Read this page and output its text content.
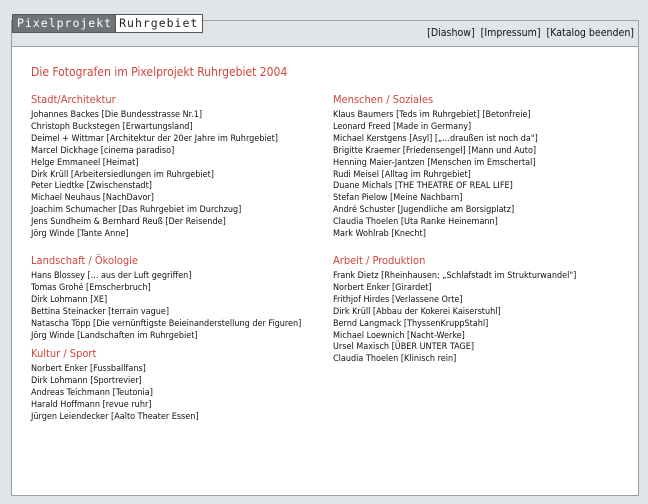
Pixelprojekt Ruhrgebiet
[Diashow] [Impressum] [Katalog beenden]
Die Fotografen im Pixelprojekt Ruhrgebiet 2004
Stadt/Architektur
Johannes Backes [Die Bundesstrasse Nr.1]
Christoph Buckstegen [Erwartungsland]
Deimel + Wittmar [Architektur der 20er Jahre im Ruhrgebiet]
Marcel Dickhage [cinema paradiso]
Helge Emmaneel [Heimat]
Dirk Krüll [Arbeitersiedlungen im Ruhrgebiet]
Peter Liedtke [Zwischenstadt]
Michael Neuhaus [NachDavor]
Joachim Schumacher [Das Ruhrgebiet im Durchzug]
Jens Sundheim & Bernhard Reuß [Der Reisende]
Jörg Winde [Tante Anne]
Landschaft / Ökologie
Hans Blossey [... aus der Luft gegriffen]
Tomas Grohé [Emscherbruch]
Dirk Lohmann [XE]
Bettina Steinacker [terrain vague]
Natascha Töpp [Die vernünftigste Beieinanderstellung der Figuren]
Jörg Winde [Landschaften im Ruhrgebiet]
Kultur / Sport
Norbert Enker [Fussballfans]
Dirk Lohmann [Sportrevier]
Andreas Teichmann [Teutonia]
Harald Hoffmann [revue ruhr]
Jürgen Leiendecker [Aalto Theater Essen]
Menschen / Soziales
Klaus Baumers [Teds im Ruhrgebiet] [Betonfreie]
Leonard Freed [Made in Germany]
Michael Kerstgens [Asyl] [„...draußen ist noch da"]
Brigitte Kraemer [Friedensengel] [Mann und Auto]
Henning Maier-Jantzen [Menschen im Emschertal]
Rudi Meisel [Alltag im Ruhrgebiet]
Duane Michals [THE THEATRE OF REAL LIFE]
Stefan Pielow [Meine Nachbarn]
André Schuster [Jugendliche am Borsigplatz]
Claudia Thoelen [Uta Ranke Heinemann]
Mark Wohlrab [Knecht]
Arbeit / Produktion
Frank Dietz [Rheinhausen: „Schlafstadt im Strukturwandel"]
Norbert Enker [Girardet]
Frithjof Hirdes [Verlassene Orte]
Dirk Krüll [Abbau der Kokerei Kaiserstuhl]
Bernd Langmack [ThyssenKruppStahl]
Michael Loewnich [Nacht-Werke]
Ursel Maxisch [ÜBER UNTER TAGE]
Claudia Thoelen [Klinisch rein]
